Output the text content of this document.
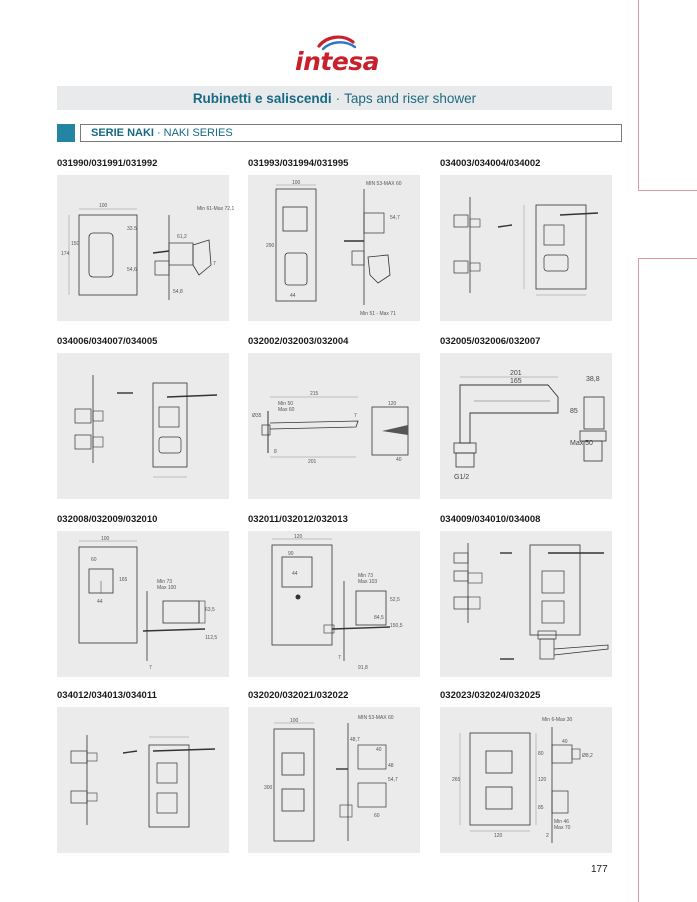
intesa
Rubinetti e saliscendi · Taps and riser shower
SERIE NAKI · NAKI SERIES
031990/031991/031992	031993/031994/031995	034003/034004/034002
100
174
150
33.5
54,6
Min 61-Max 72,1
61,2
7
54,8
100
290
44
MIN 53-MAX 60
54,7
Min 51 - Max 71
034006/034007/034005	032002/032003/032004	032005/032006/032007
215
Min 50
Max 60
Ø35	7
201
8
120
40
201
165
G1/2
38,8
85
Max 50
032008/032009/032010	032011/032012/032013	034009/034010/034008
100
165
60
44
Min 73
Max 100
63,5
112,5
7
120
90
44	Min 73
Max 103
52,5
84,5
150,5
91,8
7
034012/034013/034011	032020/032021/032022	032023/032024/032025
100
300
MIN 53-MAX 60
48,7
40
48
54,7
60
265
120
80
120
85
Min 6-Max 30
40
Ø8,2
Min 46
Max 70
2
177
